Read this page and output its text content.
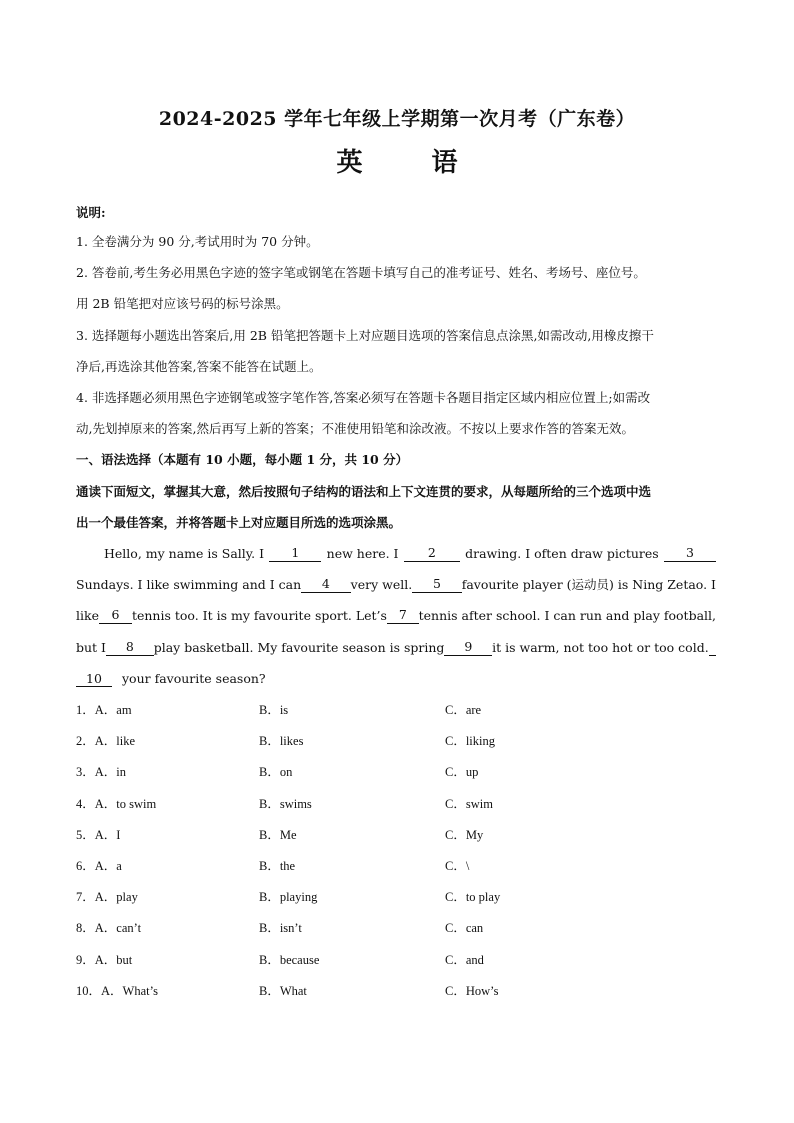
2024-2025 学年七年级上学期第一次月考（广东卷）
英 语
说明:
1. 全卷满分为 90 分,考试用时为 70 分钟。
2. 答卷前,考生务必用黑色字迹的签字笔或钢笔在答题卡填写自己的准考证号、姓名、考场号、座位号。
用 2B 铅笔把对应该号码的标号涂黑。
3. 选择题每小题选出答案后,用 2B 铅笔把答题卡上对应题目选项的答案信息点涂黑,如需改动,用橡皮擦干
净后,再选涂其他答案,答案不能答在试题上。
4. 非选择题必须用黑色字迹钢笔或签字笔作答,答案必须写在答题卡各题目指定区域内相应位置上;如需改
动,先划掉原来的答案,然后再写上新的答案；不准使用铅笔和涂改液。不按以上要求作答的答案无效。
一、语法选择（本题有 10 小题，每小题 1 分，共 10 分）
通读下面短文，掌握其大意，然后按照句子结构的语法和上下文连贯的要求，从每题所给的三个选项中选
出一个最佳答案，并将答题卡上对应题目所选的选项涂黑。
Hello, my name is Sally. I	1	new here. I	2	drawing. I often draw pictures	3
Sundays. I like swimming and I can	4	very well.	5	favourite player (运动员) is Ning Zetao. I
like	6	tennis too. It is my favourite sport. Let’s 7 tennis after school. I can run and play football,
but I	8	play basketball. My favourite season is spring	9	it is warm, not too hot or too cold.
10 your favourite season?
1．A．am	B．is	C．are
2．A．like	B．likes	C．liking
3．A．in	B．on	C．up
4．A．to swim	B．swims	C．swim
5．A．I	B．Me	C．My
6．A．a	B．the	C．\
7．A．play	B．playing	C．to play
8．A．can’t	B．isn’t	C．can
9．A．but	B．because	C．and
10．A．What’s	B．What	C．How’s
